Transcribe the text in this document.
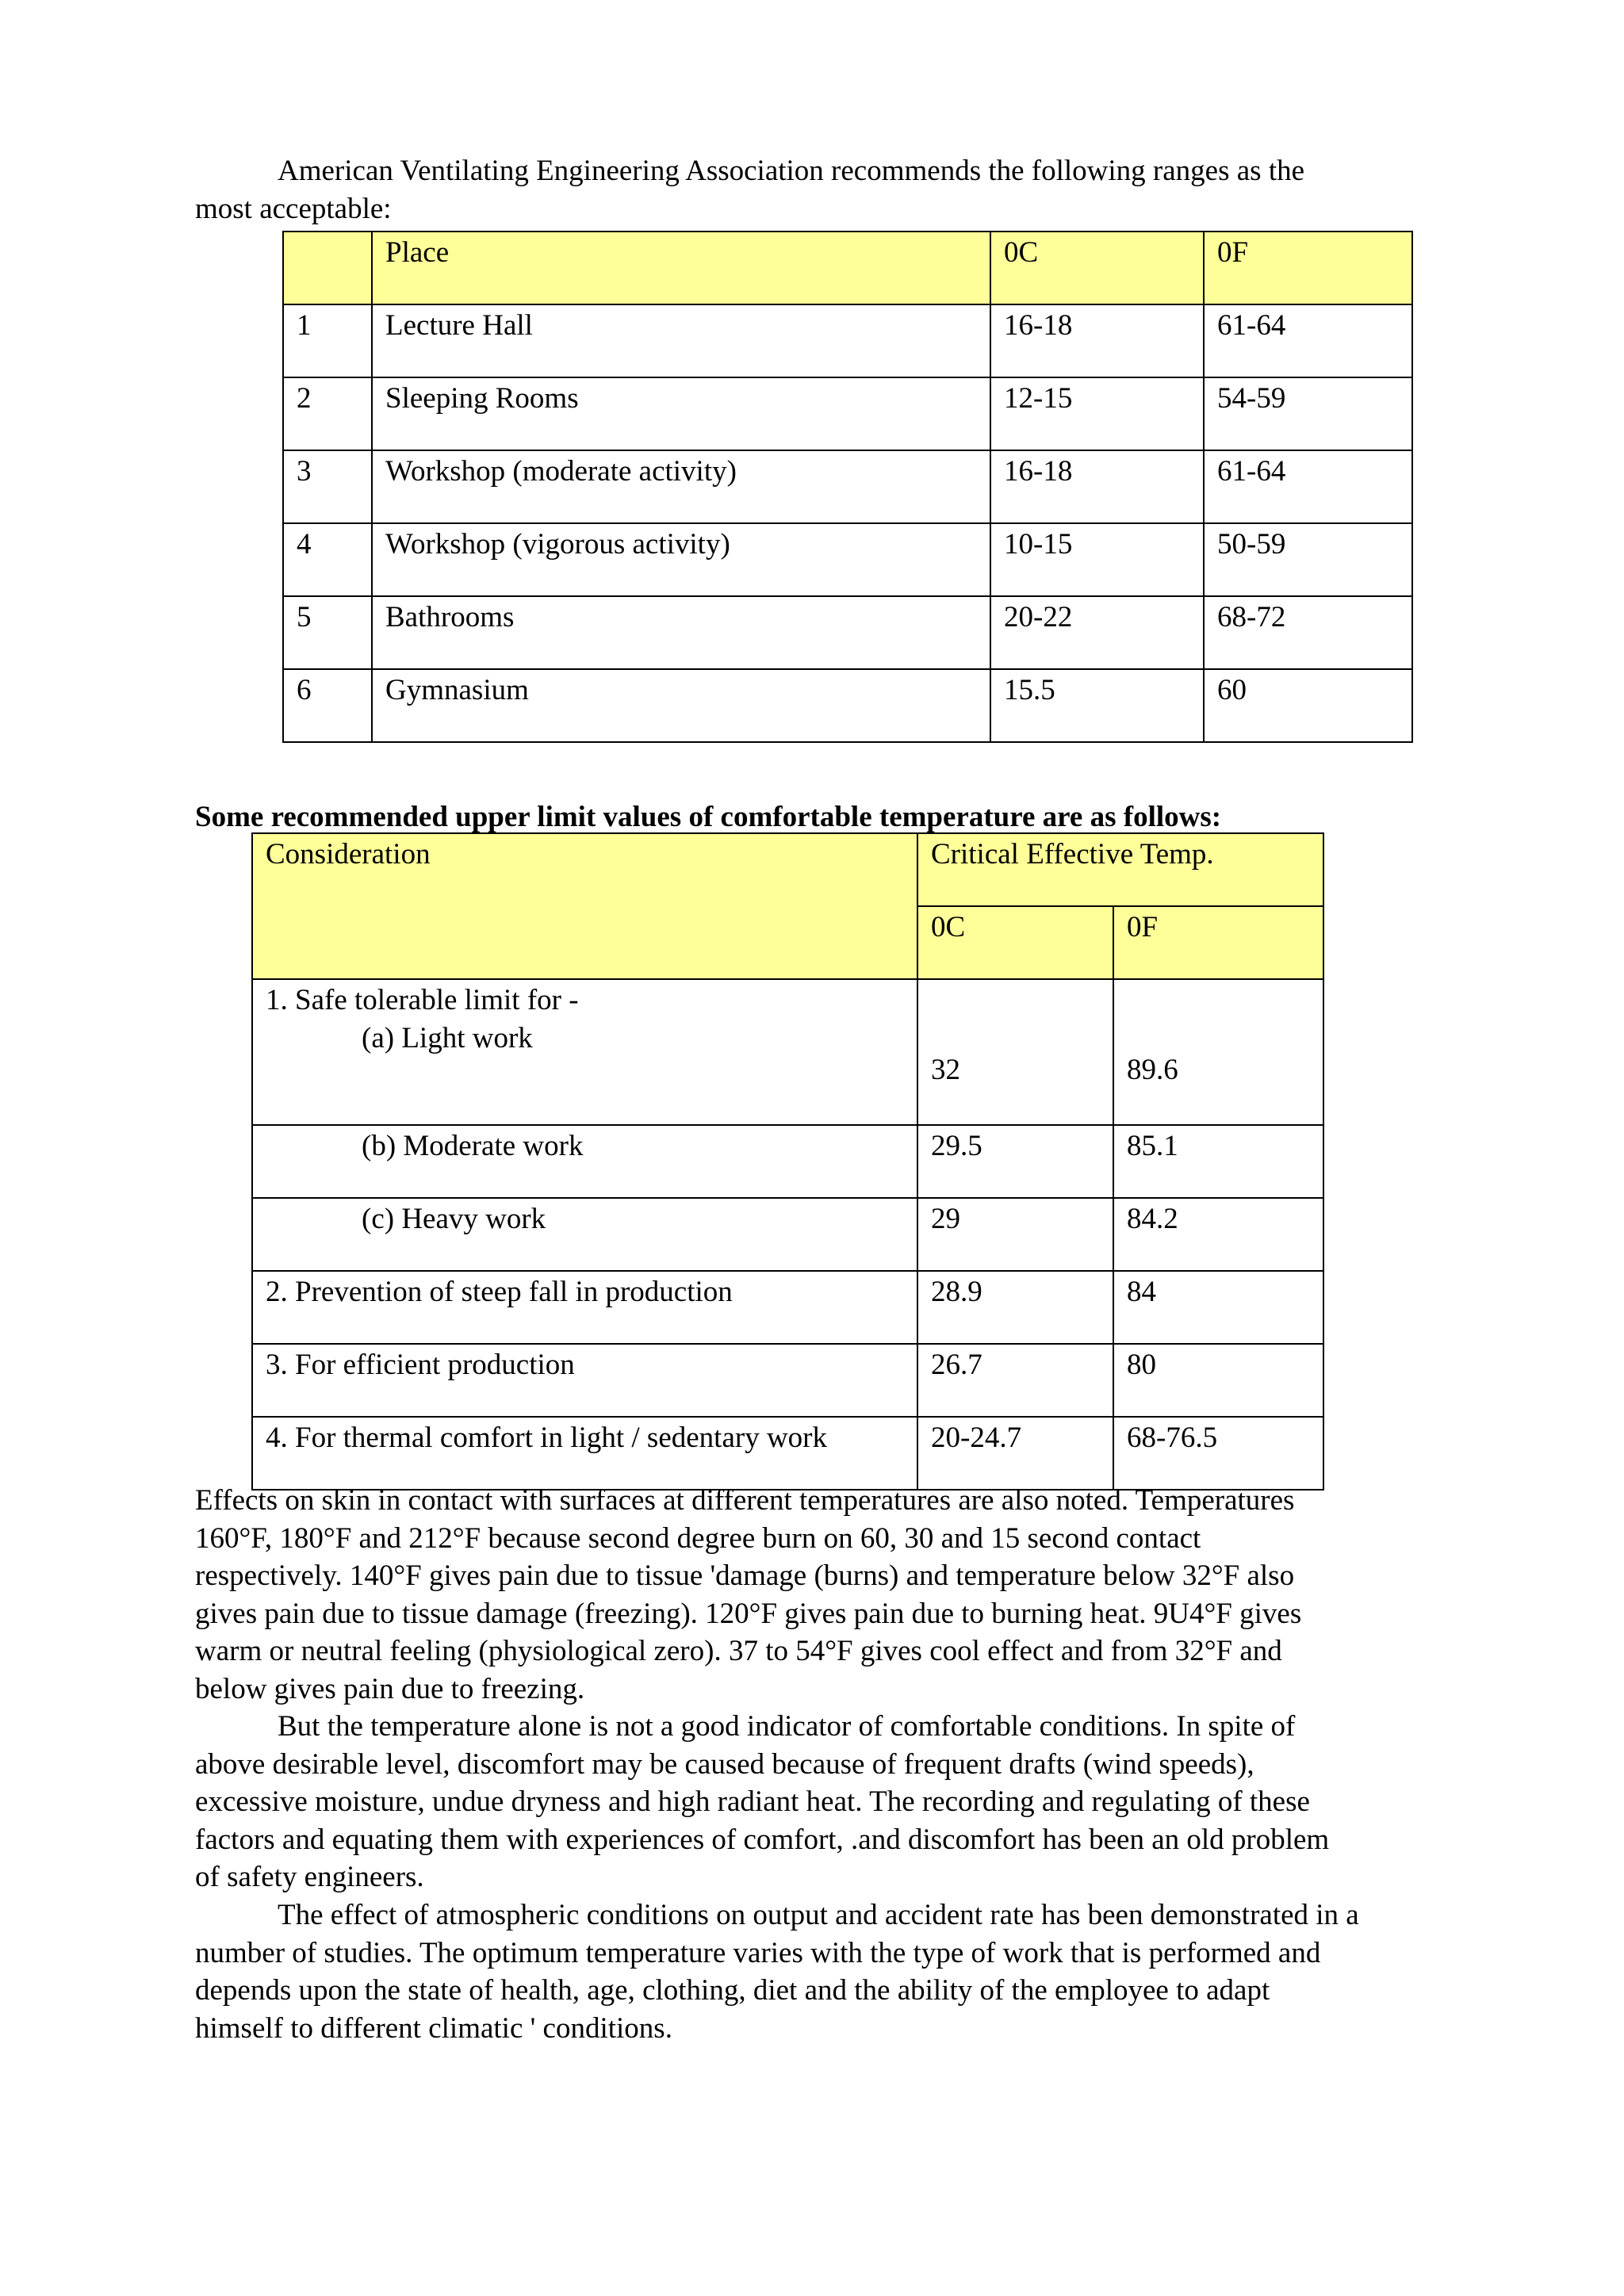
American Ventilating Engineering Association recommends the following ranges as the
most acceptable:
	Place	0C	0F
1	Lecture Hall	16-18	61-64
2	Sleeping Rooms	12-15	54-59
3	Workshop (moderate activity)	16-18	61-64
4	Workshop (vigorous activity)	10-15	50-59
5	Bathrooms	20-22	68-72
6	Gymnasium	15.5	60
Some recommended upper limit values of comfortable temperature are as follows:
Consideration	Critical Effective Temp.	
	0C	0F

1. Safe tolerable limit for -
(a) Light work	32	89.6

(b) Moderate work	29.5	85.1

(c) Heavy work	29	84.2
2. Prevention of steep fall in production	28.9	84
3. For efficient production	26.7	80
4. For thermal comfort in light / sedentary work	20-24.7	68-76.5
Effects on skin in contact with surfaces at different temperatures are also noted. Temperatures
160°F, 180°F and 212°F because second degree burn on 60, 30 and 15 second contact
respectively. 140°F gives pain due to tissue 'damage (burns) and temperature below 32°F also
gives pain due to tissue damage (freezing). 120°F gives pain due to burning heat. 9U4°F gives
warm or neutral feeling (physiological zero). 37 to 54°F gives cool effect and from 32°F and
below gives pain due to freezing.
But the temperature alone is not a good indicator of comfortable conditions. In spite of
above desirable level, discomfort may be caused because of frequent drafts (wind speeds),
excessive moisture, undue dryness and high radiant heat. The recording and regulating of these
factors and equating them with experiences of comfort, .and discomfort has been an old problem
of safety engineers.
The effect of atmospheric conditions on output and accident rate has been demonstrated in a
number of studies. The optimum temperature varies with the type of work that is performed and
depends upon the state of health, age, clothing, diet and the ability of the employee to adapt
himself to different climatic ' conditions.
